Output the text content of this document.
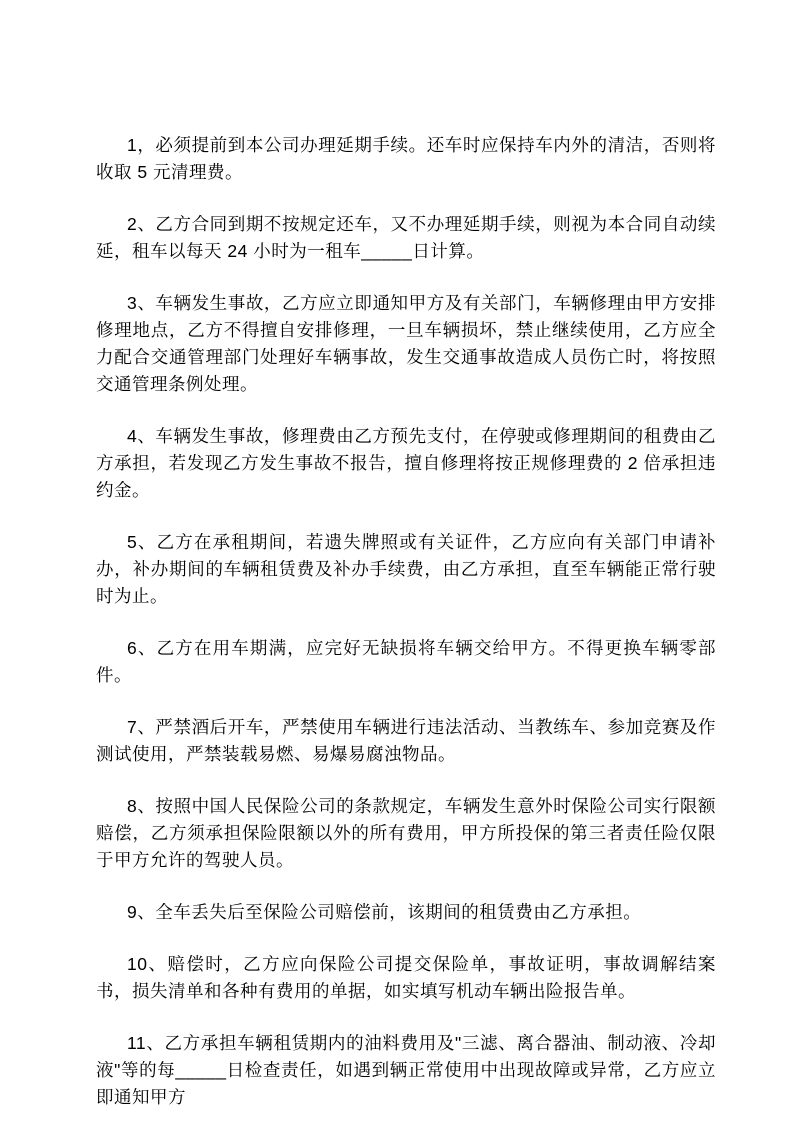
1，必须提前到本公司办理延期手续。还车时应保持车内外的清洁，否则将收取 5 元清理费。

2、乙方合同到期不按规定还车，又不办理延期手续，则视为本合同自动续延，租车以每天 24 小时为一租车_____日计算。

3、车辆发生事故，乙方应立即通知甲方及有关部门，车辆修理由甲方安排修理地点，乙方不得擅自安排修理，一旦车辆损坏，禁止继续使用，乙方应全力配合交通管理部门处理好车辆事故，发生交通事故造成人员伤亡时，将按照交通管理条例处理。

4、车辆发生事故，修理费由乙方预先支付，在停驶或修理期间的租费由乙方承担，若发现乙方发生事故不报告，擅自修理将按正规修理费的 2 倍承担违约金。

5、乙方在承租期间，若遗失牌照或有关证件，乙方应向有关部门申请补办，补办期间的车辆租赁费及补办手续费，由乙方承担，直至车辆能正常行驶时为止。

6、乙方在用车期满，应完好无缺损将车辆交给甲方。不得更换车辆零部件。

7、严禁酒后开车，严禁使用车辆进行违法活动、当教练车、参加竞赛及作测试使用，严禁装载易燃、易爆易腐浊物品。

8、按照中国人民保险公司的条款规定，车辆发生意外时保险公司实行限额赔偿，乙方须承担保险限额以外的所有费用，甲方所投保的第三者责任险仅限于甲方允许的驾驶人员。

9、全车丢失后至保险公司赔偿前，该期间的租赁费由乙方承担。

10、赔偿时，乙方应向保险公司提交保险单，事故证明，事故调解结案书，损失清单和各种有费用的单据，如实填写机动车辆出险报告单。

11、乙方承担车辆租赁期内的油料费用及"三滤、离合器油、制动液、冷却液"等的每_____日检查责任，如遇到辆正常使用中出现故障或异常，乙方应立即通知甲方
